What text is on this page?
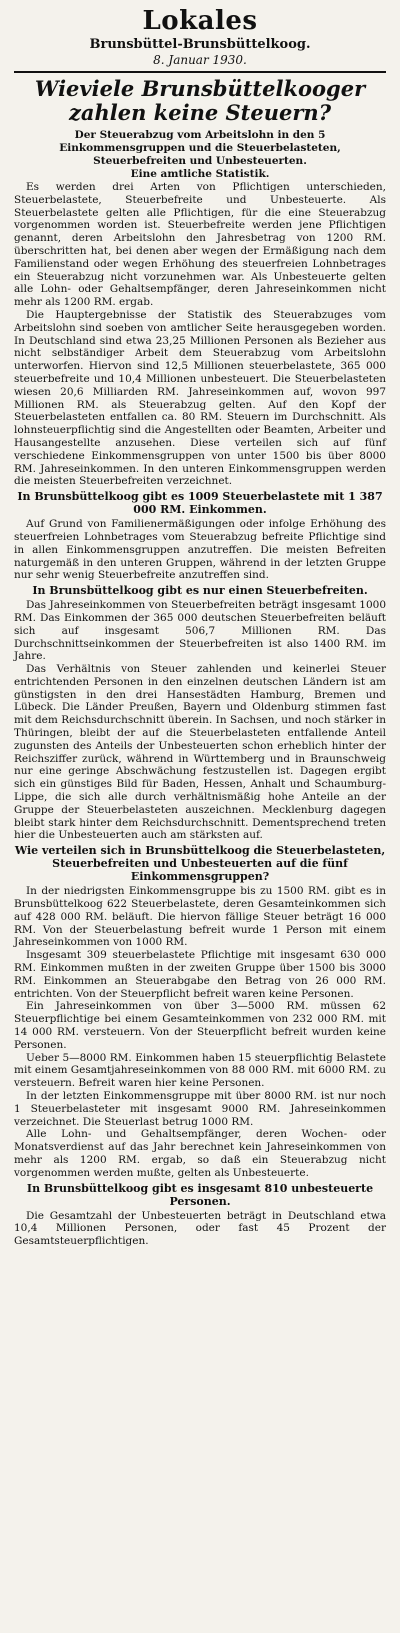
Lokales
Brunsbüttel-Brunsbüttelkoog.
8. Januar 1930.
Wieviele Brunsbüttelkooger zahlen keine Steuern?
Der Steuerabzug vom Arbeitslohn in den 5 Einkommensgruppen und die Steuerbelasteten, Steuerbefreiten und Unbesteuerten.
Eine amtliche Statistik.

Es werden drei Arten von Pflichtigen unterschieden, Steuerbelastete, Steuerbefreite und Unbesteuerte. Als Steuerbelastete gelten alle Pflichtigen, für die eine Steuerabzug vorgenommen worden ist. Steuerbefreite werden jene Pflichtigen genannt, deren Arbeitslohn den Jahresbetrag von 1200 RM. überschritten hat, bei denen aber wegen der Ermäßigung nach dem Familienstand oder wegen Erhöhung des steuerfreien Lohnbetrages ein Steuerabzug nicht vorzunehmen war. Als Unbesteuerte gelten alle Lohn- oder Gehaltsempfänger, deren Jahreseinkommen nicht mehr als 1200 RM. ergab.

Die Hauptergebnisse der Statistik des Steuerabzuges vom Arbeitslohn sind soeben von amtlicher Seite herausgegeben worden. In Deutschland sind etwa 23,25 Millionen Personen als Bezieher aus nicht selbständiger Arbeit dem Steuerabzug vom Arbeitslohn unterworfen. Hiervon sind 12,5 Millionen steuerbelastete, 365 000 steuerbefreite und 10,4 Millionen unbesteuert. Die Steuerbelasteten wiesen 20,6 Milliarden RM. Jahreseinkommen auf, wovon 997 Millionen RM. als Steuerabzug gelten. Auf den Kopf der Steuerbelasteten entfallen ca. 80 RM. Steuern im Durchschnitt. Als lohnsteuerpflichtig sind die Angestellten oder Beamten, Arbeiter und Hausangestellte anzusehen. Diese verteilen sich auf fünf verschiedene Einkommensgruppen von unter 1500 bis über 8000 RM. Jahreseinkommen. In den unteren Einkommensgruppen werden die meisten Steuerbefreiten verzeichnet.

In Brunsbüttelkoog gibt es 1009 Steuerbelastete mit 1 387 000 RM. Einkommen.

Auf Grund von Familienermäßigungen oder infolge Erhöhung des steuerfreien Lohnbetrages vom Steuerabzug befreite Pflichtige sind in allen Einkommensgruppen anzutreffen. Die meisten Befreiten naturgemäß in den unteren Gruppen, während in der letzten Gruppe nur sehr wenig Steuerbefreite anzutreffen sind.

In Brunsbüttelkoog gibt es nur einen Steuerbefreiten.

Das Jahreseinkommen von Steuerbefreiten beträgt insgesamt 1000 RM. Das Einkommen der 365 000 deutschen Steuerbefreiten beläuft sich auf insgesamt 506,7 Millionen RM. Das Durchschnittseinkommen der Steuerbefreiten ist also 1400 RM. im Jahre.

Das Verhältnis von Steuer zahlenden und keinerlei Steuer entrichtenden Personen in den einzelnen deutschen Ländern ist am günstigsten in den drei Hansestädten Hamburg, Bremen und Lübeck. Die Länder Preußen, Bayern und Oldenburg stimmen fast mit dem Reichsdurchschnitt überein. In Sachsen, und noch stärker in Thüringen, bleibt der auf die Steuerbelasteten entfallende Anteil zugunsten des Anteils der Unbesteuerten schon erheblich hinter der Reichsziffer zurück, während in Württemberg und in Braunschweig nur eine geringe Abschwächung festzustellen ist. Dagegen ergibt sich ein günstiges Bild für Baden, Hessen, Anhalt und Schaumburg-Lippe, die sich alle durch verhältnismäßig hohe Anteile an der Gruppe der Steuerbelasteten auszeichnen. Mecklenburg dagegen bleibt stark hinter dem Reichsdurchschnitt. Dementsprechend treten hier die Unbesteuerten auch am stärksten auf.

Wie verteilen sich in Brunsbüttelkoog die Steuerbelasteten, Steuerbefreiten und Unbesteuerten auf die fünf Einkommensgruppen?

In der niedrigsten Einkommensgruppe bis zu 1500 RM. gibt es in Brunsbüttelkoog 622 Steuerbelastete, deren Gesamteinkommen sich auf 428 000 RM. beläuft. Die hiervon fällige Steuer beträgt 16 000 RM. Von der Steuerbelastung befreit wurde 1 Person mit einem Jahreseinkommen von 1000 RM.

Insgesamt 309 steuerbelastete Pflichtige mit insgesamt 630 000 RM. Einkommen mußten in der zweiten Gruppe über 1500 bis 3000 RM. Einkommen an Steuerabgabe den Betrag von 26 000 RM. entrichten. Von der Steuerpflicht befreit waren keine Personen.

Ein Jahreseinkommen von über 3—5000 RM. müssen 62 Steuerpflichtige bei einem Gesamteinkommen von 232 000 RM. mit 14 000 RM. versteuern. Von der Steuerpflicht befreit wurden keine Personen.

Ueber 5—8000 RM. Einkommen haben 15 steuerpflichtig Belastete mit einem Gesamtjahreseinkommen von 88 000 RM. mit 6000 RM. zu versteuern. Befreit waren hier keine Personen.

In der letzten Einkommensgruppe mit über 8000 RM. ist nur noch 1 Steuerbelasteter mit insgesamt 9000 RM. Jahreseinkommen verzeichnet. Die Steuerlast betrug 1000 RM.

Alle Lohn- und Gehaltsempfänger, deren Wochen- oder Monatsverdienst auf das Jahr berechnet kein Jahreseinkommen von mehr als 1200 RM. ergab, so daß ein Steuerabzug nicht vorgenommen werden mußte, gelten als Unbesteuerte.

In Brunsbüttelkoog gibt es insgesamt 810 unbesteuerte Personen.

Die Gesamtzahl der Unbesteuerten beträgt in Deutschland etwa 10,4 Millionen Personen, oder fast 45 Prozent der Gesamtsteuerpflichtigen.
